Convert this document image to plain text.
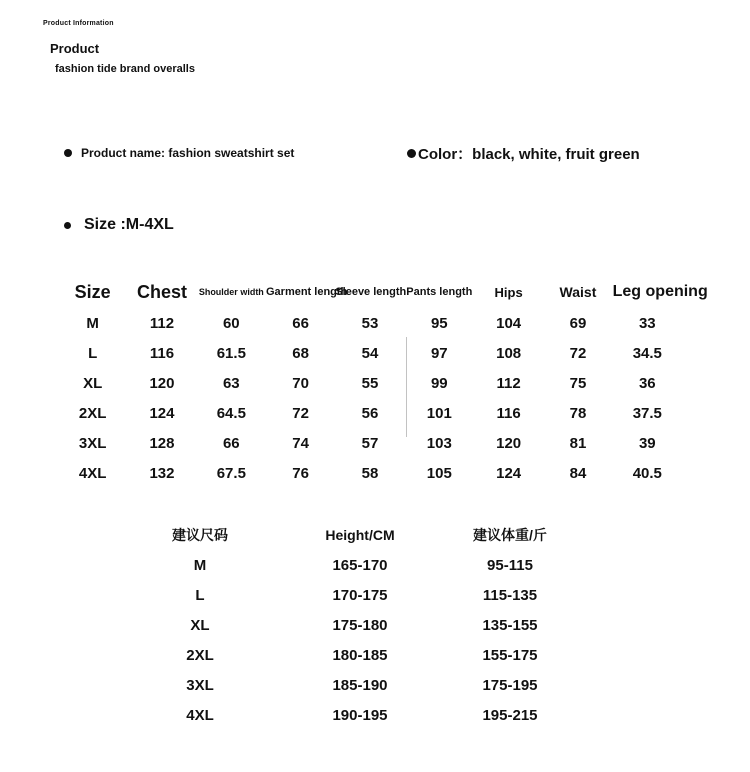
Product Information
Product
fashion tide brand overalls
Product name: fashion sweatshirt set	Color：black, white, fruit green
Size :M-4XL
Size	Chest	Shoulder width	Garment length	Sleeve length	Pants length	Hips	Waist	Leg opening
M	112	60	66	53	95	104	69	33
L	116	61.5	68	54	97	108	72	34.5
XL	120	63	70	55	99	112	75	36
2XL	124	64.5	72	56	101	116	78	37.5
3XL	128	66	74	57	103	120	81	39
4XL	132	67.5	76	58	105	124	84	40.5
建议尺码	Height/CM	建议体重/斤
M	165-170	95-115
L	170-175	115-135
XL	175-180	135-155
2XL	180-185	155-175
3XL	185-190	175-195
4XL	190-195	195-215
